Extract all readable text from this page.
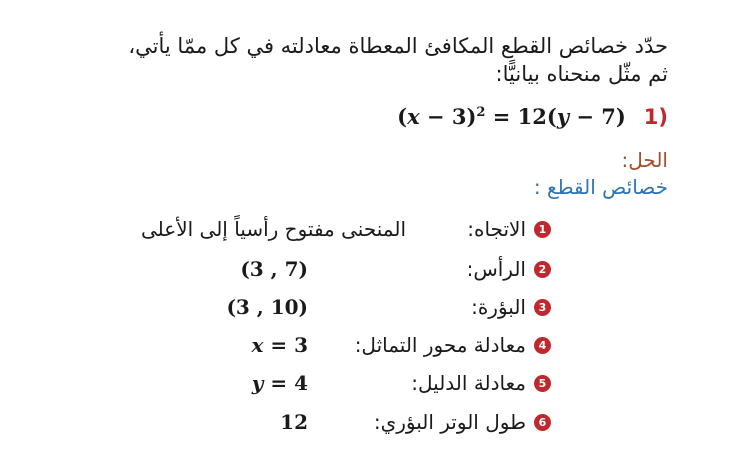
حدّد خصائص القطع المكافئ المعطاة معادلته في كل ممّا يأتي،
ثم مثّل منحناه بيانيًّا:
$(x - 3)^2 = 12(y - 7)$ 1)
الحل:
خصائص القطع :
1
الاتجاه:
المنحنى مفتوح رأسياً إلى الأعلى
2
الرأس:
(3 , 7)
3
البؤرة:
(3 , 10)
4
معادلة محور التماثل:
x = 3
5
معادلة الدليل:
y = 4
6
طول الوتر البؤري:
12
